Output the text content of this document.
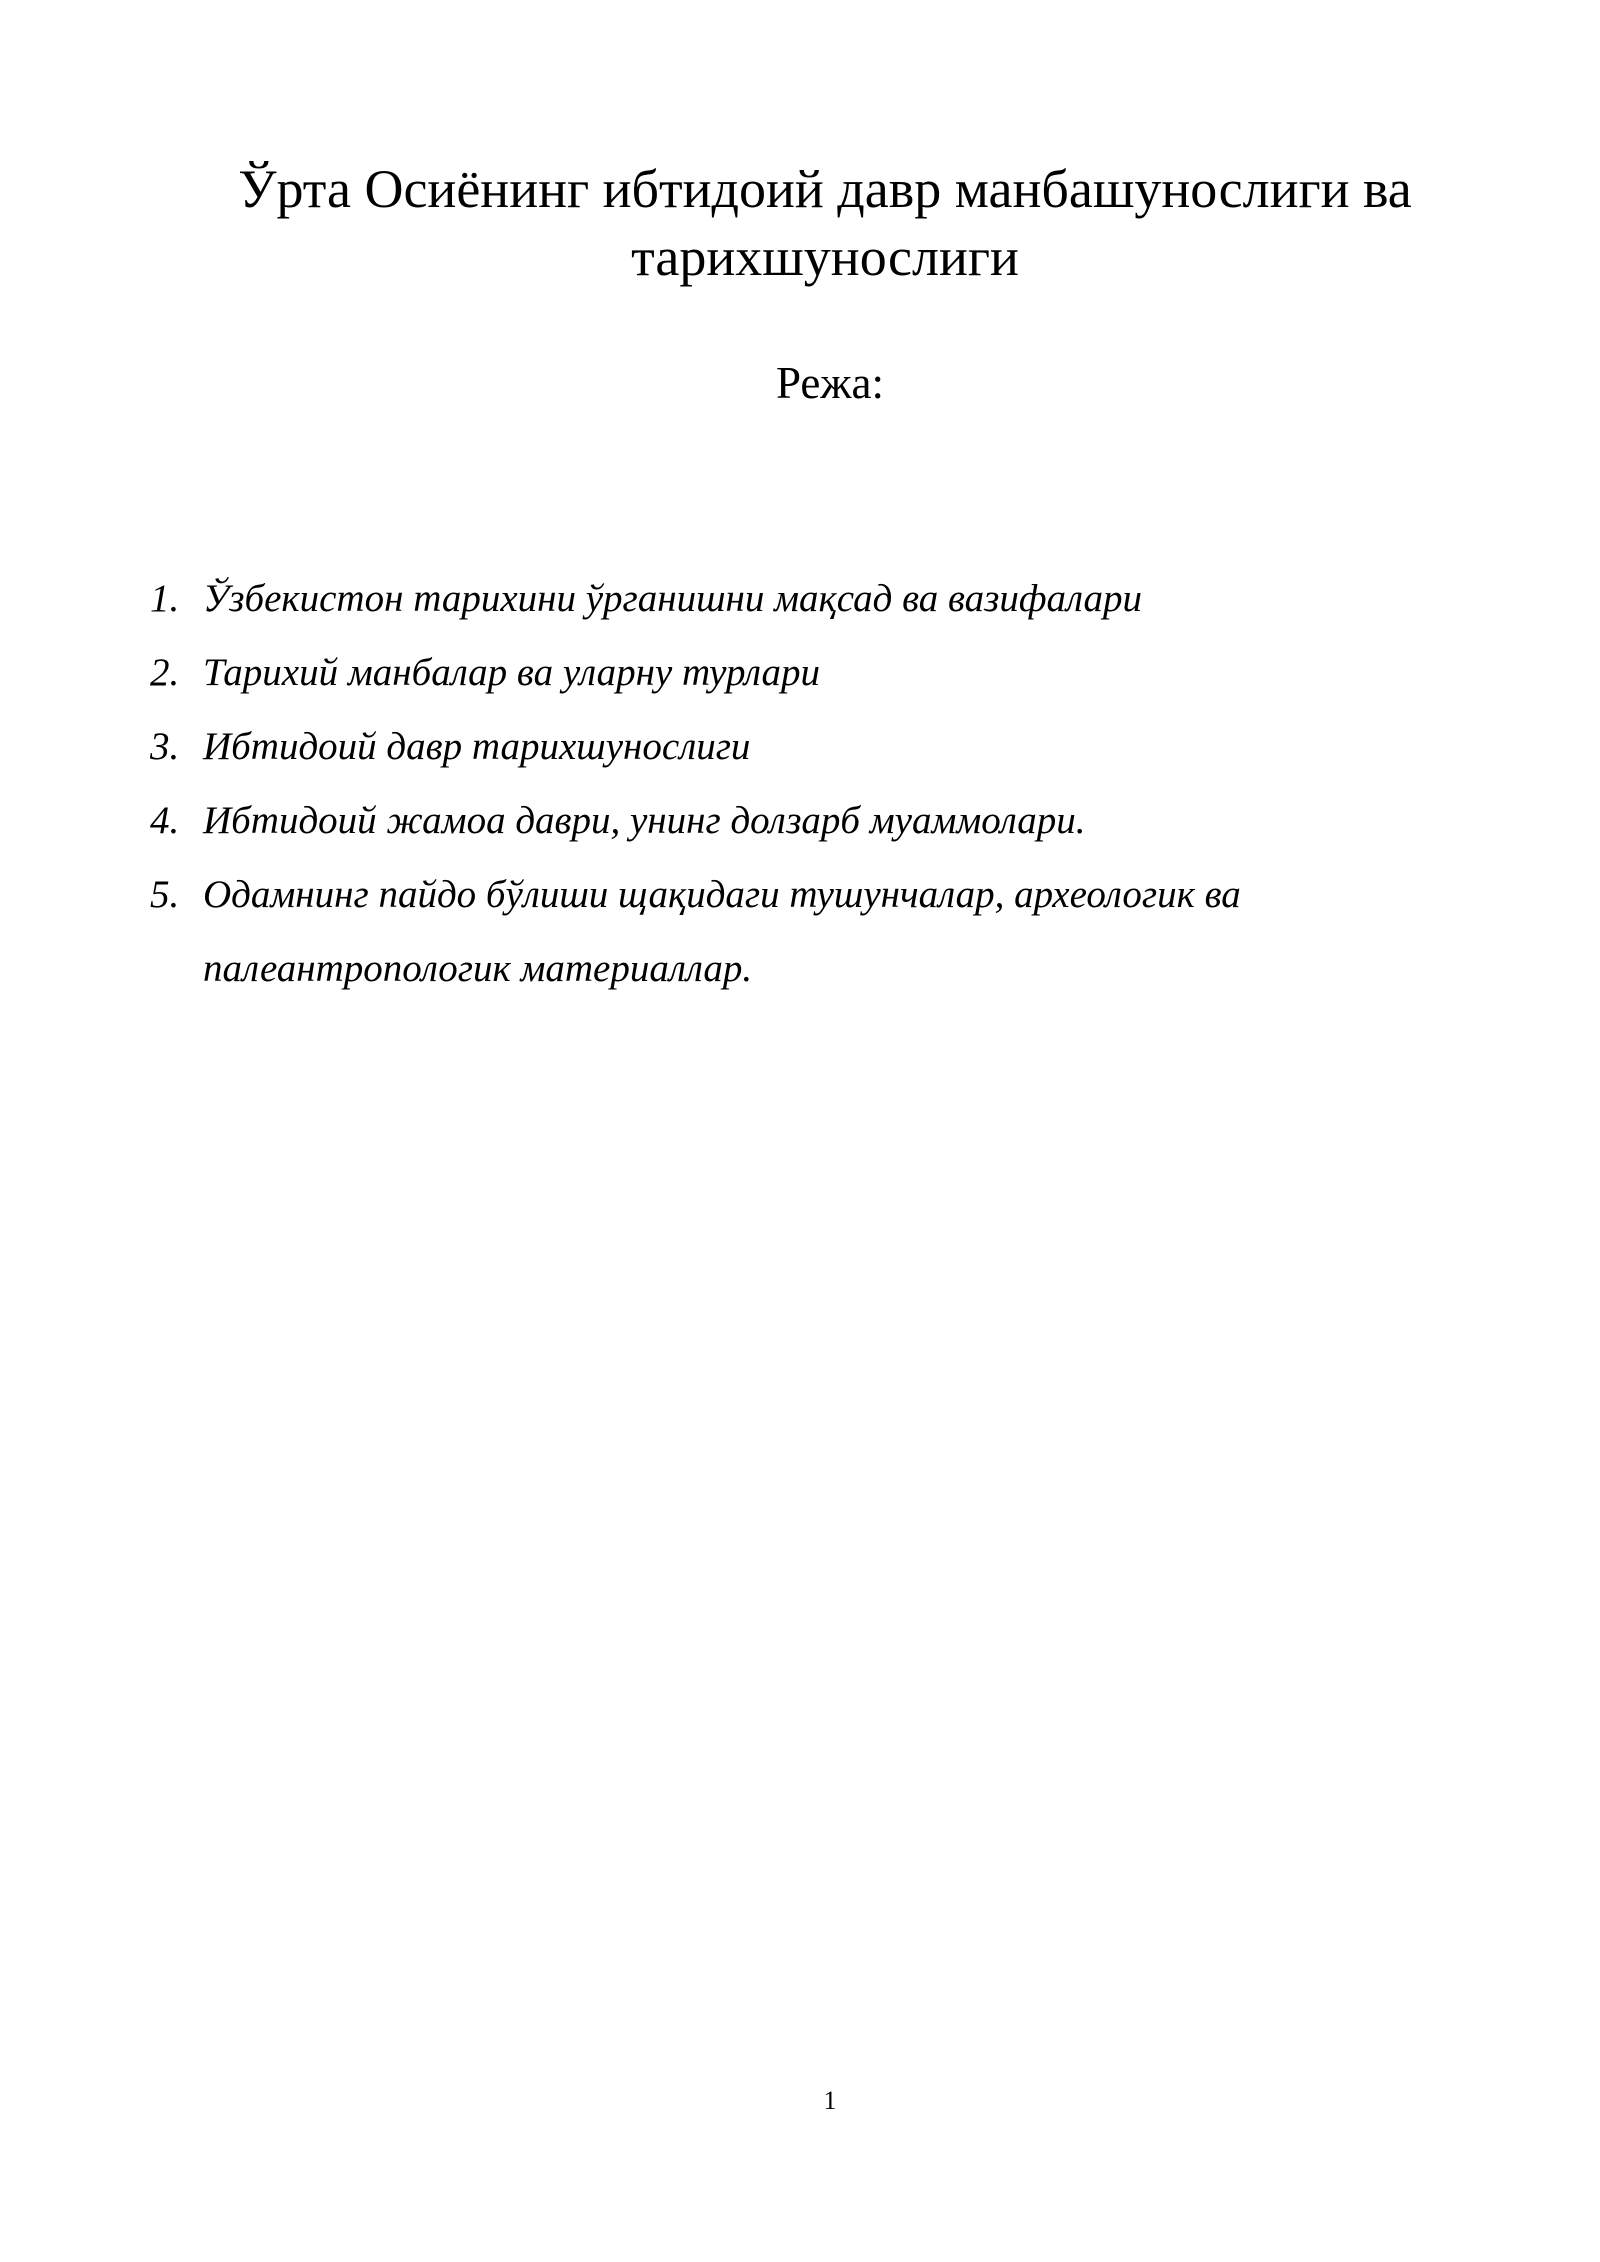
Ўрта Осиёнинг ибтидоий давр манбашунослиги ва тарихшунослиги
Режа:
1. Ўзбекистон тарихини ўрганишни мақсад ва вазифалари
2. Тарихий манбалар ва уларну турлари
3. Ибтидоий давр тарихшунослиги
4. Ибтидоий жамоа даври, унинг долзарб муаммолари.
5. Одамнинг пайдо бўлиши щақидаги тушунчалар, археологик ва палеантропологик материаллар.
1
